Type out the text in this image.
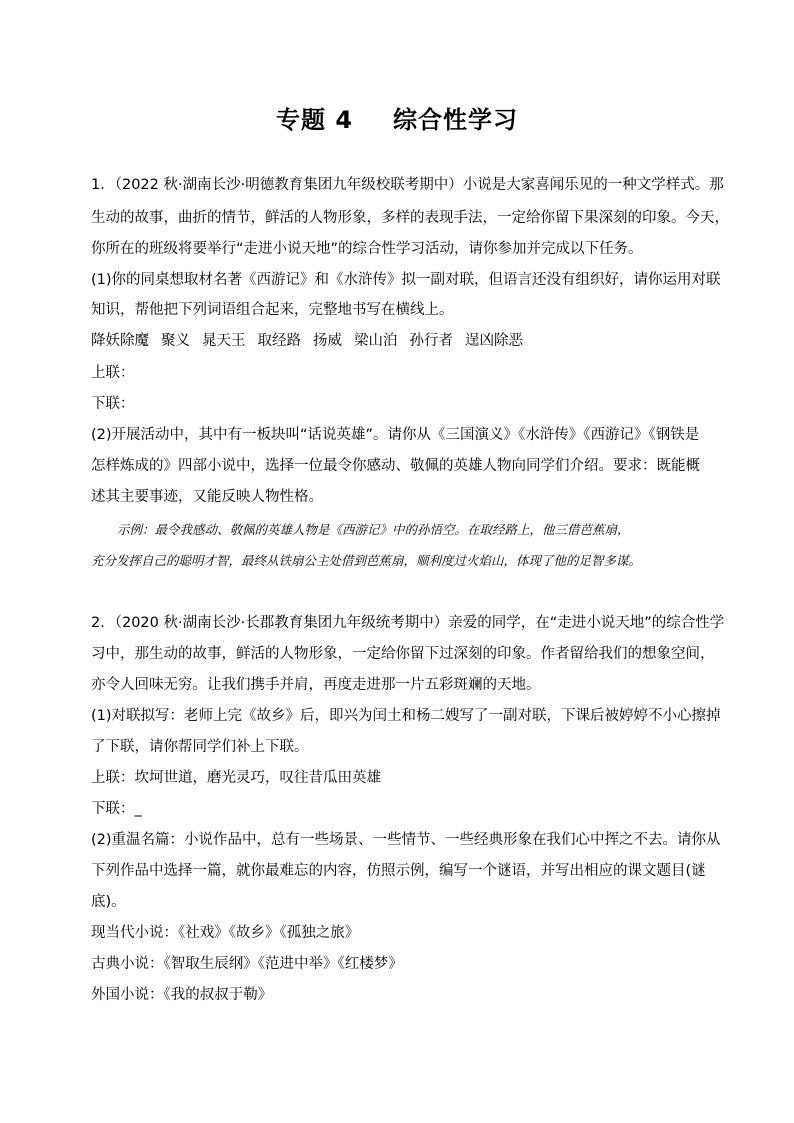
专题 4 综合性学习
1．（2022 秋·湖南长沙·明德教育集团九年级校联考期中）小说是大家喜闻乐见的一种文学样式。那
生动的故事，曲折的情节，鲜活的人物形象，多样的表现手法，一定给你留下果深刻的印象。今天，
你所在的班级将要举行“走进小说天地”的综合性学习活动，请你参加并完成以下任务。
(1)你的同桌想取材名著《西游记》和《水浒传》拟一副对联，但语言还没有组织好，请你运用对联
知识，帮他把下列词语组合起来，完整地书写在横线上。
降妖除魔 聚义 晁天王 取经路 扬威 梁山泊 孙行者 逞凶除恶
上联：
下联：
(2)开展活动中，其中有一板块叫“话说英雄”。请你从《三国演义》《水浒传》《西游记》《钢铁是
怎样炼成的》四部小说中，选择一位最令你感动、敬佩的英雄人物向同学们介绍。要求：既能概
述其主要事迹，又能反映人物性格。
示例：最令我感动、敬佩的英雄人物是《西游记》中的孙悟空。在取经路上，他三借芭蕉扇，
充分发挥自己的聪明才智，最终从铁扇公主处借到芭蕉扇，顺利度过火焰山，体现了他的足智多谋。
2．（2020 秋·湖南长沙·长郡教育集团九年级统考期中）亲爱的同学，在“走进小说天地”的综合性学
习中，那生动的故事，鲜活的人物形象，一定给你留下过深刻的印象。作者留给我们的想象空间，
亦令人回味无穷。让我们携手并肩，再度走进那一片五彩斑斓的天地。
(1)对联拟写：老师上完《故乡》后，即兴为闰土和杨二嫂写了一副对联，下课后被婷婷不小心擦掉
了下联，请你帮同学们补上下联。
上联：坎坷世道，磨光灵巧，叹往昔瓜田英雄
下联：_
(2)重温名篇：小说作品中，总有一些场景、一些情节、一些经典形象在我们心中挥之不去。请你从
下列作品中选择一篇，就你最难忘的内容，仿照示例，编写一个谜语，并写出相应的课文题目(谜
底)。
现当代小说：《社戏》《故乡》《孤独之旅》
古典小说：《智取生辰纲》《范进中举》《红楼梦》
外国小说：《我的叔叔于勒》
